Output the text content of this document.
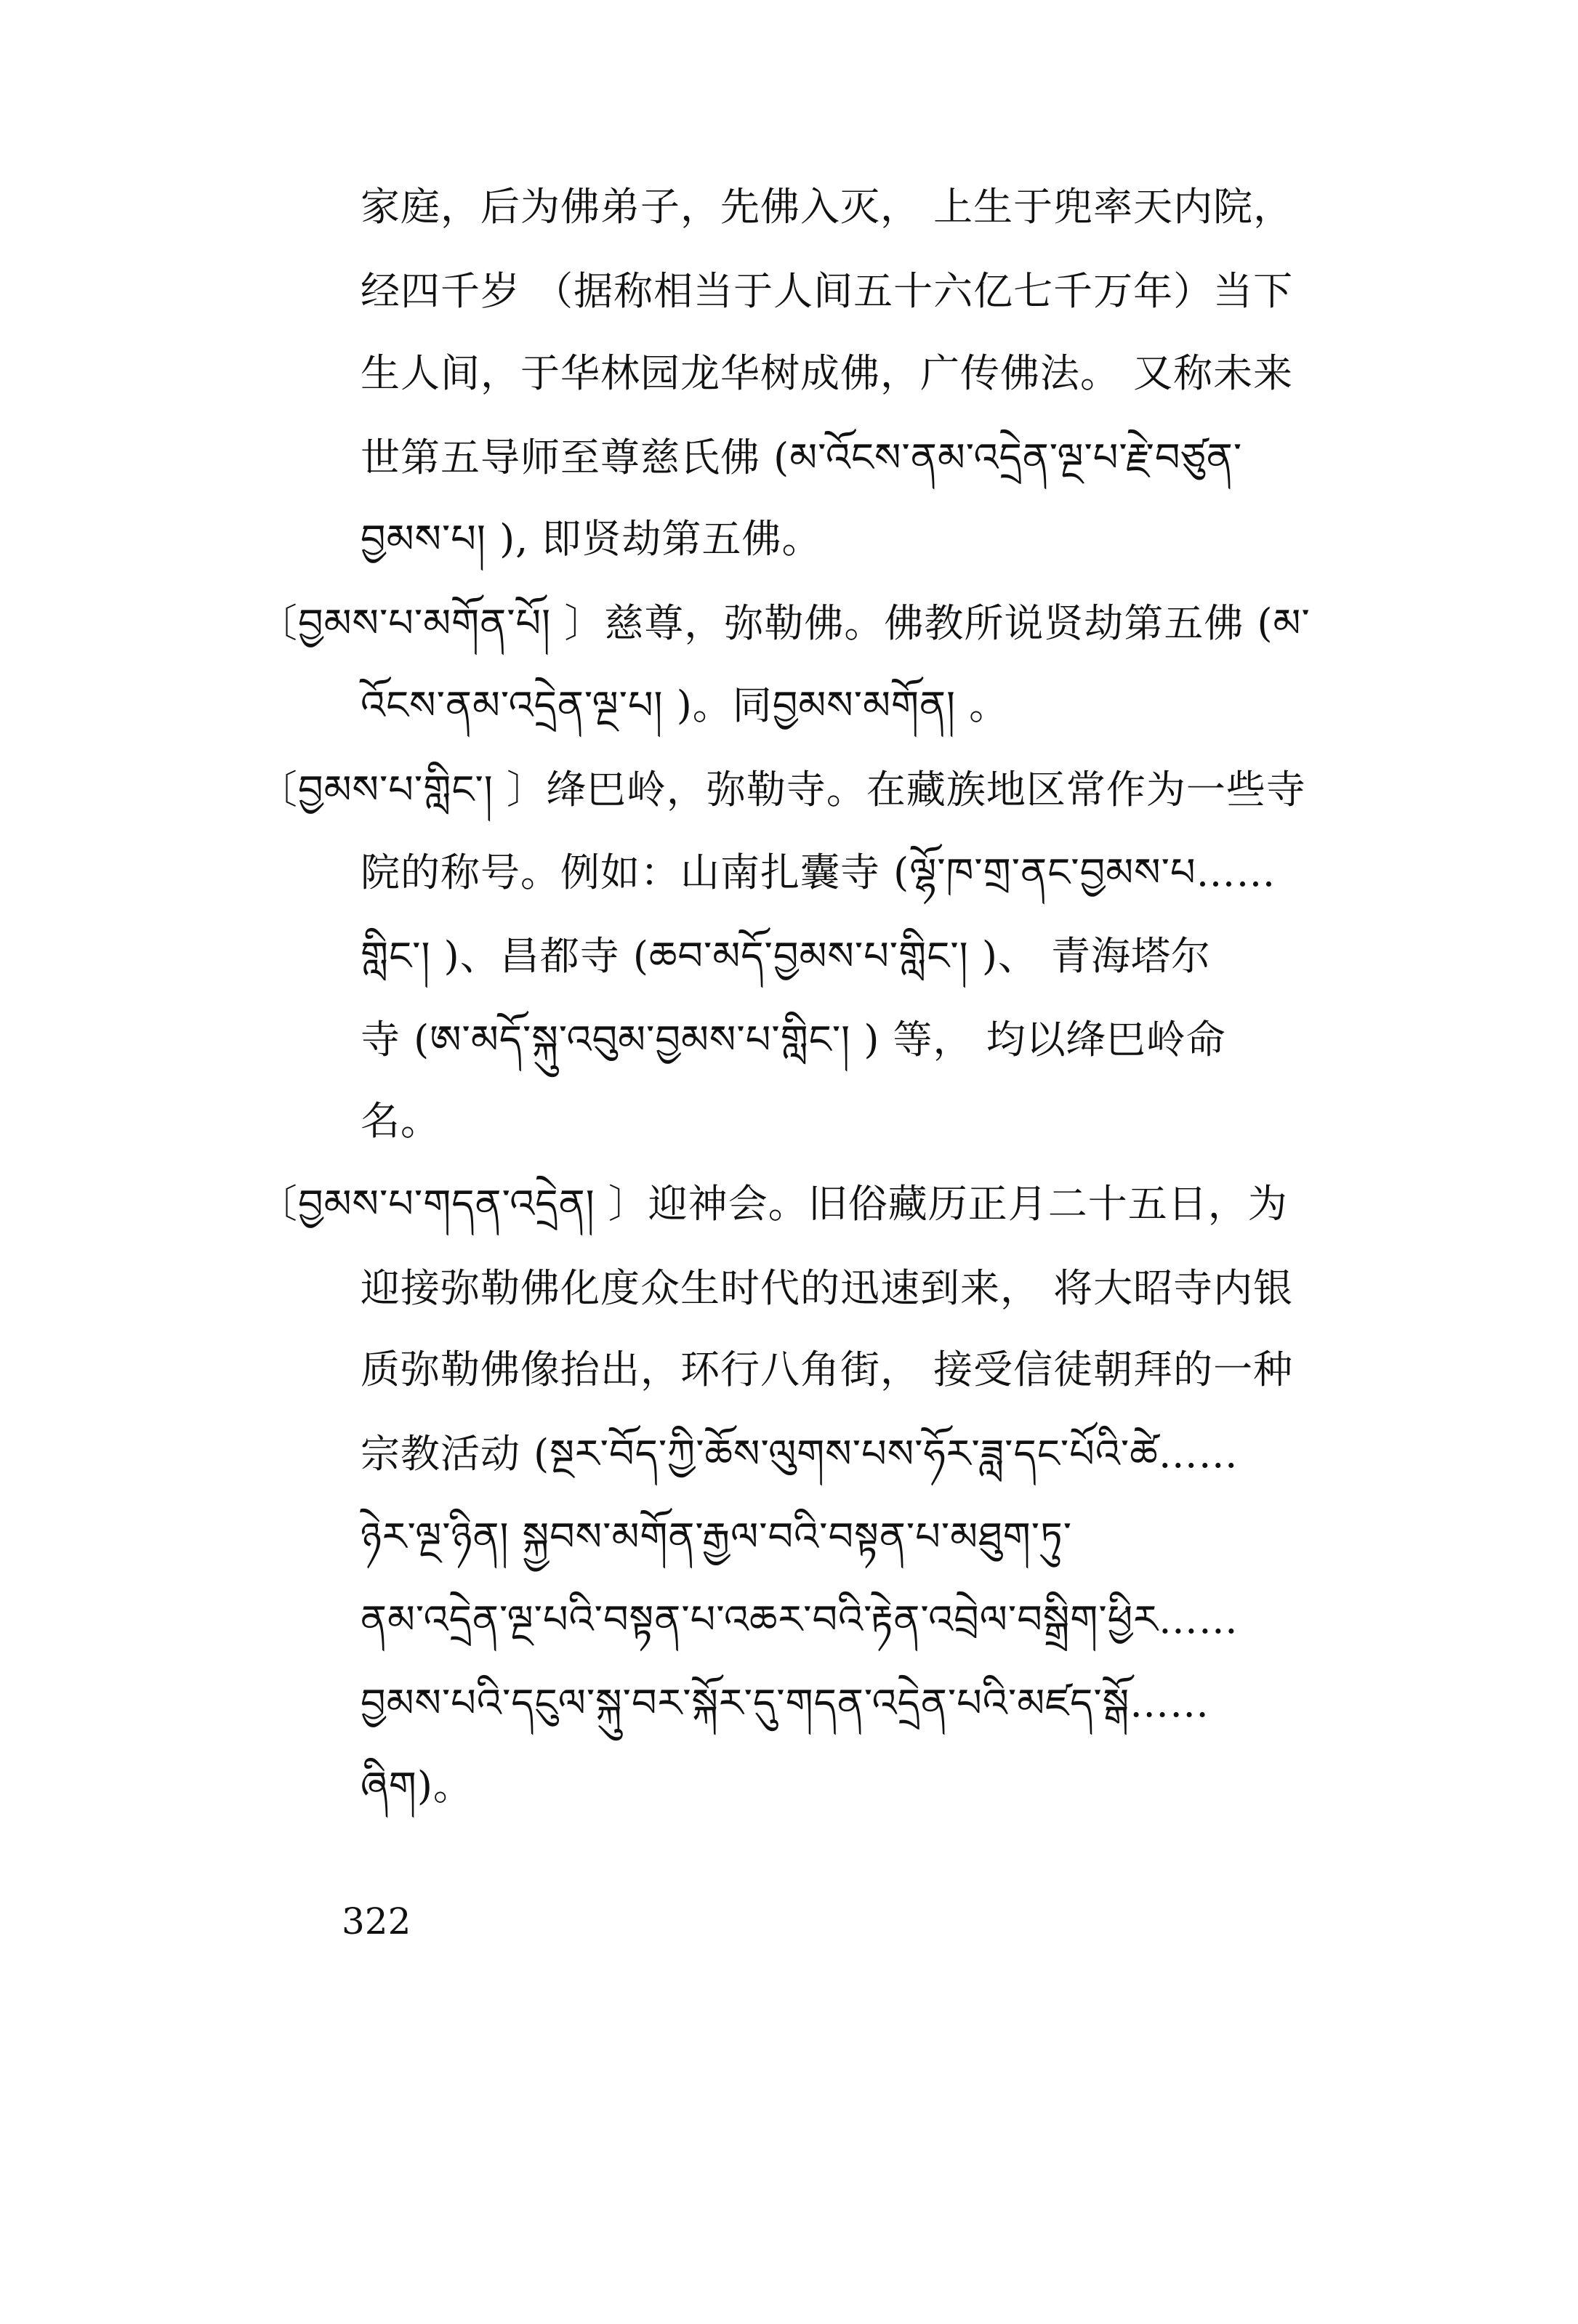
家庭，后为佛弟子，先佛入灭， 上生于兜率天内院，
经四千岁 （据称相当于人间五十六亿七千万年）当下
生人间，于华林园龙华树成佛，广传佛法。 又称未来
世第五导师至尊慈氏佛 (མ་འོངས་ནམ་འདྲེན་ལྔ་པ་རྗེ་བཙུན་
བྱམས་པ། ), 即贤劫第五佛。
〔བྱམས་པ་མགོན་པོ། 〕慈尊，弥勒佛。佛教所说贤劫第五佛 (མ་
འོངས་ནམ་འདྲེན་ལྔ་པ། )。同བྱམས་མགོན། 。
〔བྱམས་པ་གླིང་། 〕绛巴岭，弥勒寺。在藏族地区常作为一些寺
院的称号。例如：山南扎囊寺 (ལྷོ་ཁ་གྲ་ནང་བྱམས་པ……
གླིང་། )、昌都寺 (ཆབ་མདོ་བྱམས་པ་གླིང་། )、 青海塔尔
寺 (ཨ་མདོ་སྐུ་འབུམ་བྱམས་པ་གླིང་། ) 等， 均以绛巴岭命
名。
〔བྱམས་པ་གདན་འདྲེན། 〕迎神会。旧俗藏历正月二十五日，为
迎接弥勒佛化度众生时代的迅速到来， 将大昭寺内银
质弥勒佛像抬出，环行八角街， 接受信徒朝拜的一种
宗教活动 (སྔར་བོད་ཀྱི་ཆོས་ལུགས་པས་ཧོར་ཟླ་དང་པོའི་ཚེ……
ཉེར་ལྔ་ཉིན། སྐྱབས་མགོན་རྒྱལ་བའི་བསྟན་པ་མཐུག་ཏུ་
ནམ་འདྲེན་ལྔ་པའི་བསྟན་པ་འཆར་བའི་རྟེན་འབྲེལ་བསྒྲིག་ཕྱིར……
བྱམས་པའི་དངུལ་སྐུ་བར་སྐོར་དུ་གདན་འདྲེན་པའི་མཛད་སྒོ……
ཞིག)。
322
